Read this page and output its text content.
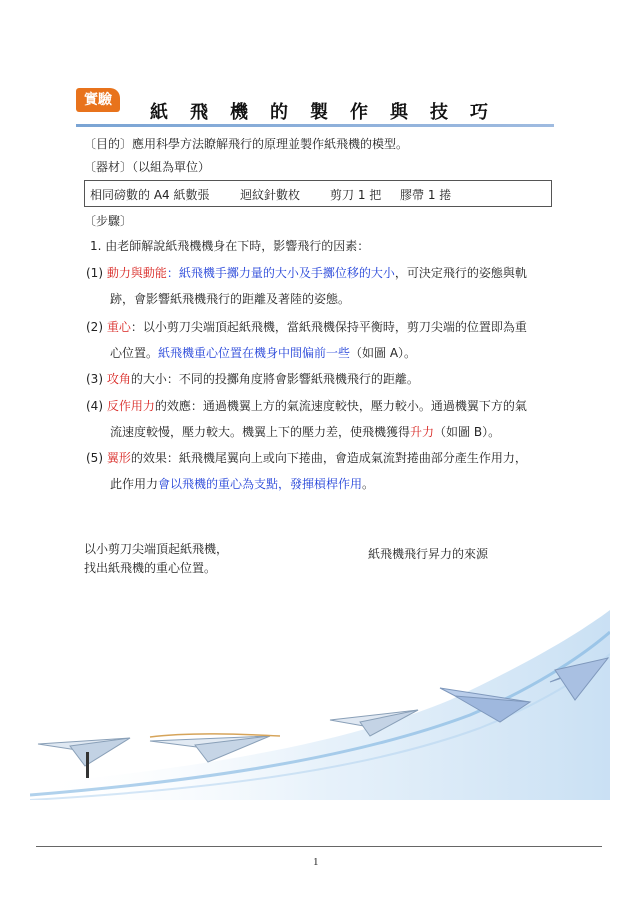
實驗
紙飛機的製作與技巧
〔目的〕應用科學方法瞭解飛行的原理並製作紙飛機的模型。
〔器材〕（以組為單位）
相同磅數的 A4 紙數張	迴紋針數枚 剪刀 1 把 膠帶 1 捲
〔步驟〕
1. 由老師解說紙飛機機身在下時，影響飛行的因素：
(1) 動力與動能：紙飛機手擲力量的大小及手擲位移的大小，可決定飛行的姿態與軌
跡，會影響紙飛機飛行的距離及著陸的姿態。
(2) 重心：以小剪刀尖端頂起紙飛機，當紙飛機保持平衡時，剪刀尖端的位置即為重
心位置。紙飛機重心位置在機身中間偏前一些（如圖 A）。
(3) 攻角的大小：不同的投擲角度將會影響紙飛機飛行的距離。
(4) 反作用力的效應：通過機翼上方的氣流速度較快，壓力較小。通過機翼下方的氣
流速度較慢，壓力較大。機翼上下的壓力差，使飛機獲得升力（如圖 B）。
(5) 翼形的效果：紙飛機尾翼向上或向下捲曲，會造成氣流對捲曲部分產生作用力，
此作用力會以飛機的重心為支點，發揮槓桿作用。
以小剪刀尖端頂起紙飛機，
找出紙飛機的重心位置。
紙飛機飛行昇力的來源
1
